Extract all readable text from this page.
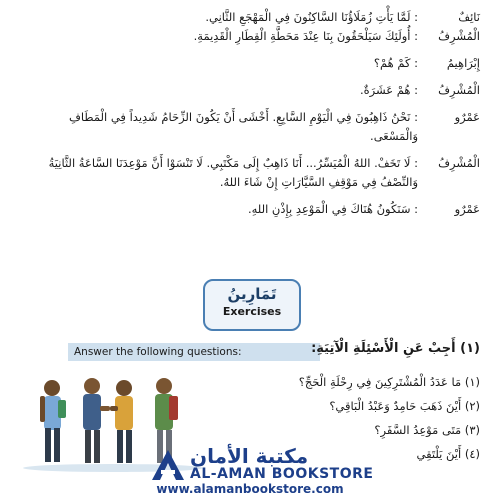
نَائِفٌ
: لَمَّا يَأْتِ زُمَلَاؤُنَا السَّاكِنُونَ فِي الْمَهْجَعِ الثَّانِي.
الْمُشْرِفُ
: أُولَئِكَ سَيَلْحَقُونَ بِنَا عِنْدَ مَحَطَّةِ الْقِطَارِ الْقَدِيمَةِ.
إِبْرَاهِيمُ
: كَمْ هُمْ؟
الْمُشْرِفُ
: هُمْ عَشَرَةٌ.
عَمْرٌو
: نَحْنُ ذَاهِبُونَ فِي الْيَوْمِ السَّابِعِ. أَخْشَى أَنْ يَكُونَ الزِّحَامُ شَدِيداً فِي الْمَطَافِ وَالْمَسْعَى.
الْمُشْرِفُ
: لَا تَخَفْ. اللهُ الْمُيَسِّرُ... أَنَا ذَاهِبٌ إِلَى مَكْتَبِي. لَا تَنْسَوْا أَنَّ مَوْعِدَنَا السَّاعَةُ الثَّانِيَةُ وَالنِّصْفُ فِي مَوْقِفِ السَّيَّارَاتِ إِنْ شَاءَ اللهُ.
عَمْرٌو
: سَنَكُونُ هُنَاكَ فِي الْمَوْعِدِ بِإِذْنِ اللهِ.
تَمَارِينُ
Exercises
Answer the following questions:	(١) أَجِبْ عَنِ الْأَسْئِلَةِ الْآتِيَةِ:
(١) مَا عَدَدُ الْمُشْتَرِكِينَ فِي رِحْلَةِ الْحَجِّ؟
(٢) أَيْنَ ذَهَبَ حَامِدٌ وَعَبْدُ الْبَاقِي؟
(٣) مَتَى مَوْعِدُ السَّفَرِ؟
(٤) أَيْنَ يَلْتَقِي
مكتبة الأمان
AL-AMAN BOOKSTORE
www.alamanbookstore.com
